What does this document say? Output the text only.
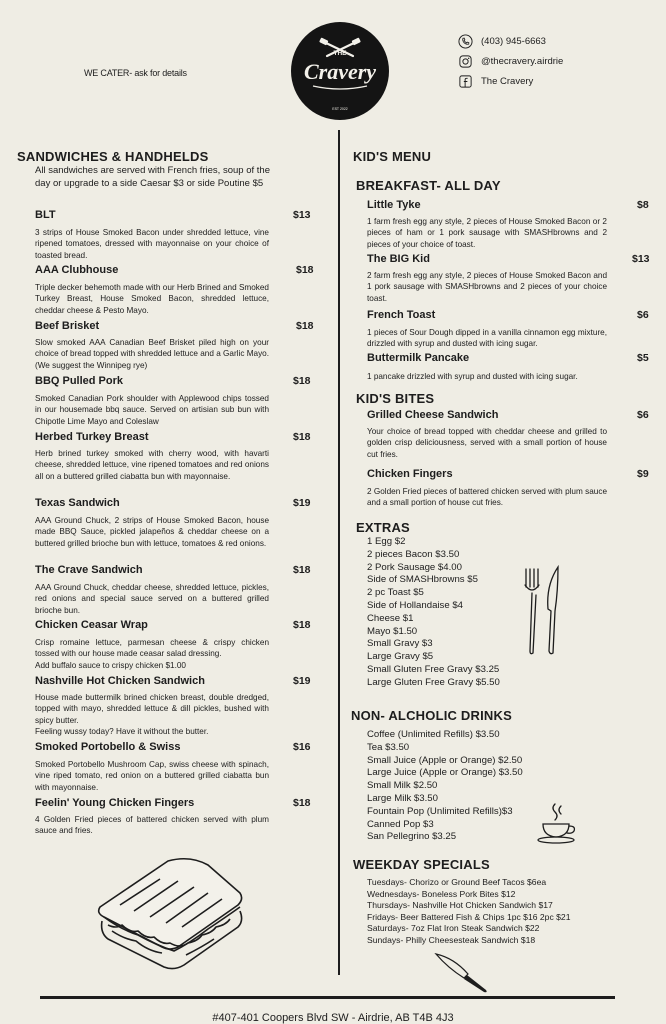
WE CATER- ask for details
THE
Cravery
EST 2022
(403) 945-6663
@thecravery.airdrie
The Cravery
SANDWICHES & HANDHELDS
All sandwiches are served with French fries, soup of the day or upgrade to a side Caesar $3 or side Poutine $5
BLT	$13
3 strips of House Smoked Bacon under shredded lettuce, vine ripened tomatoes, dressed with mayonnaise on your choice of toasted bread.
AAA Clubhouse	$18
Triple decker behemoth made with our Herb Brined and Smoked Turkey Breast, House Smoked Bacon, shredded lettuce, cheddar cheese & Pesto Mayo.
Beef Brisket	$18
Slow smoked AAA Canadian Beef Brisket piled high on your choice of bread topped with shredded lettuce and a Garlic Mayo. (We suggest the Winnipeg rye)
BBQ Pulled Pork	$18
Smoked Canadian Pork shoulder with Applewood chips tossed in our housemade bbq sauce. Served on artisian sub bun with Chipotle Lime Mayo and Coleslaw
Herbed Turkey Breast	$18
Herb brined turkey smoked with cherry wood, with havarti cheese, shredded lettuce, vine ripened tomatoes and red onions all on a buttered grilled ciabatta bun with mayonnaise.
Texas Sandwich	$19
AAA Ground Chuck, 2 strips of House Smoked Bacon, house made BBQ Sauce, pickled jalapeños & cheddar cheese on a buttered grilled brioche bun with lettuce, tomatoes & red onions.
The Crave Sandwich	$18
AAA Ground Chuck, cheddar cheese, shredded lettuce, pickles, red onions and special sauce served on a buttered grilled brioche bun.
Chicken Ceasar Wrap	$18
Crisp romaine lettuce, parmesan cheese & crispy chicken tossed with our house made ceasar salad dressing.
Add buffalo sauce to crispy chicken $1.00
Nashville Hot Chicken Sandwich	$19
House made buttermilk brined chicken breast, double dredged, topped with mayo, shredded lettuce & dill pickles, bushed with spicy butter.
Feeling wussy today? Have it without the butter.
Smoked Portobello & Swiss	$16
Smoked Portobello Mushroom Cap, swiss cheese with spinach, vine riped tomato, red onion on a buttered grilled ciabatta bun with mayonnaise.
Feelin' Young Chicken Fingers	$18
4 Golden Fried pieces of battered chicken served with plum sauce and fries.
KID'S MENU
BREAKFAST- ALL DAY
Little Tyke	$8
1 farm fresh egg any style, 2 pieces of House Smoked Bacon or 2 pieces of ham or 1 pork sausage with SMASHbrowns and 2 pieces of your choice of toast.
The BIG Kid	$13
2 farm fresh egg any style, 2 pieces of House Smoked Bacon and 1 pork sausage with SMASHbrowns and 2 pieces of your choice toast.
French Toast	$6
1 pieces of Sour Dough dipped in a vanilla cinnamon egg mixture, drizzled with syrup and dusted with icing sugar.
Buttermilk Pancake	$5
1 pancake drizzled with syrup and dusted with icing sugar.
KID'S BITES
Grilled Cheese Sandwich	$6
Your choice of bread topped with cheddar cheese and grilled to golden crisp deliciousness, served with a small portion of house cut fries.
Chicken Fingers	$9
2 Golden Fried pieces of battered chicken served with plum sauce and a small portion of house cut fries.
EXTRAS
1 Egg $2
2 pieces Bacon $3.50
2 Pork Sausage $4.00
Side of SMASHbrowns $5
2 pc Toast $5
Side of Hollandaise $4
Cheese $1
Mayo $1.50
Small Gravy $3
Large Gravy $5
Small Gluten Free Gravy $3.25
Large Gluten Free Gravy $5.50
NON- ALCHOLIC DRINKS
Coffee (Unlimited Refills) $3.50
Tea $3.50
Small Juice (Apple or Orange) $2.50
Large Juice (Apple or Orange) $3.50
Small Milk $2.50
Large Milk $3.50
Fountain Pop (Unlimited Refills)$3
Canned Pop $3
San Pellegrino $3.25
WEEKDAY SPECIALS
Tuesdays- Chorizo or Ground Beef Tacos $6ea
Wednesdays- Boneless Pork Bites $12
Thursdays- Nashville Hot Chicken Sandwich $17
Fridays- Beer Battered Fish & Chips 1pc $16 2pc $21
Saturdays- 7oz Flat Iron Steak Sandwich $22
Sundays- Philly Cheesesteak Sandwich $18
#407-401 Coopers Blvd SW - Airdrie, AB T4B 4J3
